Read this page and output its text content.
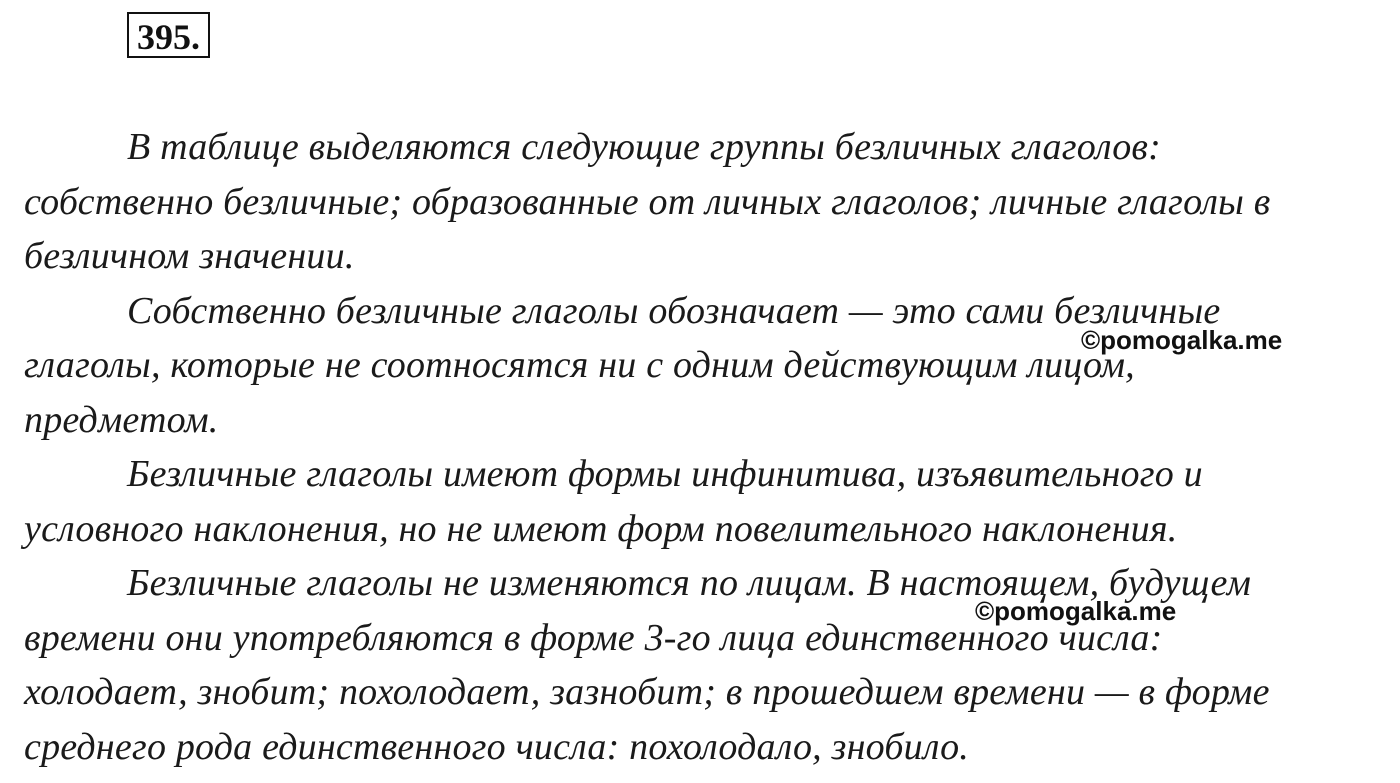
395.
В таблице выделяются следующие группы безличных глаголов:
собственно безличные; образованные от личных глаголов; личные глаголы в
безличном значении.
Собственно безличные глаголы обозначает — это сами безличные
глаголы, которые не соотносятся ни с одним действующим лицом,
предметом.
Безличные глаголы имеют формы инфинитива, изъявительного и
условного наклонения, но не имеют форм повелительного наклонения.
Безличные глаголы не изменяются по лицам. В настоящем, будущем
времени они употребляются в форме 3-го лица единственного числа:
холодает, знобит; похолодает, зазнобит; в прошедшем времени — в форме
среднего рода единственного числа: похолодало, знобило.
©pomogalka.me
©pomogalka.me
